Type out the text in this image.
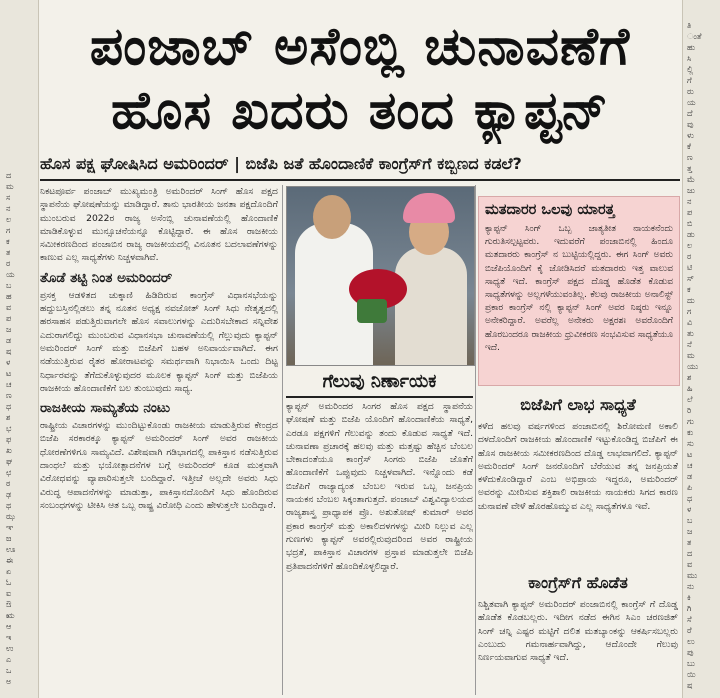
ದ
ಮ
ಸ
ನ
ಲ
ಗ
ಕ
ತ
ರ
ಯ
ಬ
ಹ
ವ
ಪ
ಜ
ಡ
ಷ
ಳ
ಟ
ಚ
ಣ
ಧ
ಶ
ಭ
ಫ
ಖ
ಘ
ಛ
ಠ
ಢ
ಥ
ಝ
ಞ
ಙ
ಊ
ಈ
ಏ
ಓ
ಐ
ಔ
ಋ
ಆ
ಇ
ಉ
ಎ
ಒ
ಅ
ತಿ
ಂತೆ
ಹು
ಸಿ
ಲ್ಲಿ
ಗೆ
ರು
ಯ
ದೆ
ವು
ಳು
ಕೆ
ಣ
ತ್ತ
ಮೆ
ಜು
ನ
ಪ
ಬಿ
ಡು
ಲ
ರ
ಟಿ
ಸ್
ಕ
ದು
ಗ
ವಿ
ತು
ನೆ
ಮ
ಯು
ಶ
ಹಿ
ಲೆ
ರಿ
ಗು
ಕು
ಸು
ಟ
ಚ
ಡ
ಪಿ
ಧ
ಳ
ಬ
ಜ
ತ
ದ
ವ
ಮು
ನು
ಕಿ
ಗಿ
ಸೆ
ರೆ
ಲು
ಪು
ಬು
ಯಿ
ಷ
ಪಂಜಾಬ್ ಅಸೆಂಬ್ಲಿ ಚುನಾವಣೆಗೆ
ಹೊಸ ಖದರು ತಂದ ಕ್ಯಾಪ್ಟನ್
ಹೊಸ ಪಕ್ಷ ಘೋಷಿಸಿದ ಅಮರಿಂದರ್ | ಬಿಜೆಪಿ ಜತೆ ಹೊಂದಾಣಿಕೆ ಕಾಂಗ್ರೆಸ್‌ಗೆ ಕಬ್ಬಿಣದ ಕಡಲೆ?

ನಿಕಟಪೂರ್ವ ಪಂಜಾಬ್ ಮುಖ್ಯಮಂತ್ರಿ ಅಮರಿಂದರ್ ಸಿಂಗ್ ಹೊಸ ಪಕ್ಷದ ಸ್ಥಾಪನೆಯ ಘೋಷಣೆಯನ್ನು ಮಾಡಿದ್ದಾರೆ. ತಾನು ಭಾರತೀಯ ಜನತಾ ಪಕ್ಷದೊಂದಿಗೆ ಮುಂಬರುವ 2022ರ ರಾಜ್ಯ ಅಸೆಂಬ್ಲಿ ಚುನಾವಣೆಯಲ್ಲಿ ಹೊಂದಾಣಿಕೆ ಮಾಡಿಕೊಳ್ಳುವ ಮುನ್ಸೂಚನೆಯನ್ನೂ ಕೊಟ್ಟಿದ್ದಾರೆ. ಈ ಹೊಸ ರಾಜಕೀಯ ಸಮೀಕರಣದಿಂದ ಪಂಜಾಬಿನ ರಾಜ್ಯ ರಾಜಕೀಯದಲ್ಲಿ ವಿನೂತನ ಬದಲಾವಣೆಗಳನ್ನು ಕಾಣುವ ಎಲ್ಲ ಸಾಧ್ಯತೆಗಳು ನಿಚ್ಚಳವಾಗಿವೆ.

ತೊಡೆ ತಟ್ಟಿ ನಿಂತ ಅಮರಿಂದರ್

ಪ್ರಸಕ್ತ ಆಡಳಿತದ ಚುಕ್ಕಾಣಿ ಹಿಡಿದಿರುವ ಕಾಂಗ್ರೆಸ್ ವಿಧಾನಸಭೆಯನ್ನು ಹದ್ದುಬಸ್ತಿನಲ್ಲಿಡಲು ತನ್ನ ನೂತನ ಅಧ್ಯಕ್ಷ ನವಜೋತ್ ಸಿಂಗ್ ಸಿಧು ನೇತೃತ್ವದಲ್ಲಿ ಹರಸಾಹಸ ಪಡುತ್ತಿರುವಾಗಲೇ ಹೊಸ ಸವಾಲುಗಳನ್ನು ಎದುರಿಸಬೇಕಾದ ಸನ್ನಿವೇಶ ಎದುರಾಗಲಿದ್ದು ಮುಂಬರುವ ವಿಧಾನಸಭಾ ಚುನಾವಣೆಯಲ್ಲಿ ಗೆಲ್ಲುವುದು ಕ್ಯಾಪ್ಟನ್ ಅಮರಿಂದರ್ ಸಿಂಗ್ ಮತ್ತು ಬಿಜೆಪಿಗೆ ಬಹಳ ಅನಿವಾರ್ಯವಾಗಿದೆ. ಈಗ ನಡೆಯುತ್ತಿರುವ ರೈತರ ಹೋರಾಟವನ್ನು ಸಮರ್ಥವಾಗಿ ನಿಭಾಯಿಸಿ ಒಂದು ದಿಟ್ಟ ನಿರ್ಧಾರವನ್ನು ತೆಗೆದುಕೊಳ್ಳುವುದರ ಮೂಲಕ ಕ್ಯಾಪ್ಟನ್ ಸಿಂಗ್ ಮತ್ತು ಬಿಜೆಪಿಯ ರಾಜಕೀಯ ಹೊಂದಾಣಿಕೆಗೆ ಬಲ ತುಂಬುವುದು ಸಾಧ್ಯ.

ರಾಜಕೀಯ ಸಾಮ್ಯತೆಯ ನಂಟು

ರಾಷ್ಟ್ರೀಯ ವಿಚಾರಗಳನ್ನು ಮುಂದಿಟ್ಟುಕೊಂಡು ರಾಜಕೀಯ ಮಾಡುತ್ತಿರುವ ಕೇಂದ್ರದ ಬಿಜೆಪಿ ಸರಕಾರಕ್ಕೂ ಕ್ಯಾಪ್ಟನ್ ಅಮರಿಂದರ್ ಸಿಂಗ್ ಅವರ ರಾಜಕೀಯ ಧೋರಣೆಗಳಿಗೂ ಸಾಮ್ಯವಿದೆ. ವಿಶೇಷವಾಗಿ ಗಡಿಭಾಗದಲ್ಲಿ ಪಾಕಿಸ್ತಾನ ನಡೆಸುತ್ತಿರುವ ದಾಂಧಲೆ ಮತ್ತು ಭಯೋತ್ಪಾದನೆಗಳ ಬಗ್ಗೆ ಅಮರಿಂದರ್ ಕೂಡ ಮುಕ್ತವಾಗಿ ವಿರೋಧವನ್ನು ವ್ಯಾಪಾರಿಸುತ್ತಲೇ ಬಂದಿದ್ದಾರೆ. ಇತ್ತೀಚೆ ಅಲ್ಲದೇ ಅವರು ಸಿಧು ವಿರುದ್ಧ ಆಪಾದನೆಗಳನ್ನು ಮಾಡುತ್ತಾ, ಪಾಕಿಸ್ತಾನದೊಂದಿಗೆ ಸಿಧು ಹೊಂದಿರುವ ಸಂಬಂಧಗಳನ್ನು ಟೀಕಿಸಿ ಆತ ಒಬ್ಬ ರಾಷ್ಟ್ರ ವಿರೋಧಿ ಎಂದು ಹೇಳುತ್ತಲೇ ಬಂದಿದ್ದಾರೆ.

ಗೆಲುವು ನಿರ್ಣಾಯಕ

ಕ್ಯಾಪ್ಟನ್ ಅಮರಿಂದರ ಸಿಂಗರ ಹೊಸ ಪಕ್ಷದ ಸ್ಥಾಪನೆಯ ಘೋಷಣೆ ಮತ್ತು ಬಿಜೆಪಿ ಯೊಂದಿಗೆ ಹೊಂದಾಣಿಕೆಯ ಸಾಧ್ಯತೆ, ಎರಡೂ ಪಕ್ಷಗಳಿಗೆ ಗೆಲುವನ್ನು ತಂದು ಕೊಡುವ ಸಾಧ್ಯತೆ ಇದೆ. ಚುನಾವಣಾ ಪ್ರಚಾರಕ್ಕೆ ಹಲವು ಮತ್ತು ಮತ್ತಷ್ಟು ಹೆಚ್ಚಿನ ಬೆಂಬಲ ಬೇಕಾದಂತೆಯೂ ಕಾಂಗ್ರೆಸ್ ಸಿಂಗರು ಬಿಜೆಪಿ ಜೊತೆಗೆ ಹೊಂದಾಣಿಕೆಗೆ ಒಪ್ಪುವುದು ನಿಚ್ಚಳವಾಗಿದೆ. ಇನ್ನೊಂದು ಕಡೆ ಬಿಜೆಪಿಗೆ ರಾಜ್ಯಾದ್ಯಂತ ಬೆಂಬಲ ಇರುವ ಒಬ್ಬ ಜನಪ್ರಿಯ ನಾಯಕನ ಬೆಂಬಲ ಸಿಕ್ಕಂತಾಗುತ್ತದೆ. ಪಂಜಾಬ್ ವಿಶ್ವವಿದ್ಯಾಲಯದ ರಾಜ್ಯಶಾಸ್ತ್ರ ಪ್ರಾಧ್ಯಾಪಕ ಪ್ರೊ. ಅಶುತೋಷ್ ಕುಮಾರ್ ಅವರ ಪ್ರಕಾರ ಕಾಂಗ್ರೆಸ್ ಮತ್ತು ಅಕಾಲಿದಳಗಳನ್ನು ಮೀರಿ ನಿಲ್ಲುವ ಎಲ್ಲ ಗುಣಗಳು ಕ್ಯಾಪ್ಟನ್ ಅವರಲ್ಲಿರುವುದರಿಂದ ಅವರ ರಾಷ್ಟ್ರೀಯ ಭದ್ರತೆ, ಪಾಕಿಸ್ತಾನ ವಿಚಾರಗಳ ಪ್ರಸ್ತಾಪ ಮಾಡುತ್ತಲೇ ಬಿಜೆಪಿ ಪ್ರತಿಪಾದನೆಗಳಿಗೆ ಹೊಂದಿಕೊಳ್ಳಲಿದ್ದಾರೆ.

ಮತದಾರರ ಒಲವು ಯಾರತ್ತ
ಕ್ಯಾಪ್ಟನ್ ಸಿಂಗ್ ಒಬ್ಬ ಜಾತ್ಯತೀತ ನಾಯಕನೆಂದು ಗುರುತಿಸಲ್ಪಟ್ಟವರು. ಇದುವರೆಗೆ ಪಂಜಾಬಿನಲ್ಲಿ ಹಿಂದೂ ಮತದಾರರು ಕಾಂಗ್ರೆಸ್ ನ ಬುಟ್ಟಿಯಲ್ಲಿದ್ದರು. ಈಗ ಸಿಂಗ್ ಅವರು ಬಿಜೆಪಿಯೊಂದಿಗೆ ಕೈ ಜೋಡಿಸಿದರೆ ಮತದಾರರು ಇತ್ತ ವಾಲುವ ಸಾಧ್ಯತೆ ಇದೆ. ಕಾಂಗ್ರೆಸ್ ಪಕ್ಷದ ದೊಡ್ಡ ಹೊಡೆತ ಕೊಡುವ ಸಾಧ್ಯತೆಗಳನ್ನು ಅಲ್ಲಗಳೆಯುವಂತಿಲ್ಲ. ಕೆಲವು ರಾಜಕೀಯ ಅನಾಲಿಸ್ಟ್ ಪ್ರಕಾರ ಕಾಂಗ್ರೆಸ್ ನಲ್ಲಿ ಕ್ಯಾಪ್ಟನ್ ಸಿಂಗ್ ಅವರ ನಿಷ್ಠರು ಇನ್ನೂ ಅನೇಕರಿದ್ದಾರೆ. ಅವರೆಲ್ಲ ಅನೇಕರು ಅಕ್ಷರಶಃ ಅವರೊಂದಿಗೆ ಹೊರಬಂದರೂ ರಾಜಕೀಯ ಧ್ರುವೀಕರಣ ಸಂಭವಿಸುವ ಸಾಧ್ಯತೆಯೂ ಇದೆ.
ಬಿಜೆಪಿಗೆ ಲಾಭ ಸಾಧ್ಯತೆ

ಕಳೆದ ಹಲವು ವರ್ಷಗಳಿಂದ ಪಂಜಾಬಿನಲ್ಲಿ ಶಿರೋಮಣಿ ಅಕಾಲಿ ದಳದೊಂದಿಗೆ ರಾಜಕೀಯ ಹೊಂದಾಣಿಕೆ ಇಟ್ಟುಕೊಂಡಿದ್ದ ಬಿಜೆಪಿಗೆ ಈ ಹೊಸ ರಾಜಕೀಯ ಸಮೀಕರಣದಿಂದ ದೊಡ್ಡ ಲಾಭವಾಗಲಿದೆ. ಕ್ಯಾಪ್ಟನ್ ಅಮರಿಂದರ್ ಸಿಂಗ್ ಜನರೊಂದಿಗೆ ಬೆರೆಯುವ ತನ್ನ ಜನಪ್ರಿಯತೆ ಕಳೆದುಕೊಂಡಿದ್ದಾರೆ ಎಂಬ ಅಭಿಪ್ರಾಯ ಇದ್ದರೂ, ಅಮರಿಂದರ್ ಅವರನ್ನು ಮೀರಿಸುವ ಶಕ್ತಿಶಾಲಿ ರಾಜಕೀಯ ನಾಯಕರು ಸಿಗದ ಕಾರಣ ಚುನಾವಣೆ ವೇಳೆ ಹೊರಹೊಮ್ಮುವ ಎಲ್ಲ ಸಾಧ್ಯತೆಗಳೂ ಇವೆ.

ಕಾಂಗ್ರೆಸ್‌ಗೆ ಹೊಡೆತ

ನಿಶ್ಚಿತವಾಗಿ ಕ್ಯಾಪ್ಟನ್ ಅಮರಿಂದರ್ ಪಂಜಾಬಿನಲ್ಲಿ ಕಾಂಗ್ರೆಸ್ ಗೆ ದೊಡ್ಡ ಹೊಡೆತ ಕೊಡಬಲ್ಲರು. ಇದೀಗ ನಡೆದ ಈಗಿನ ಸಿಎಂ ಚರಣಜಿತ್ ಸಿಂಗ್ ಚನ್ನಿ ಎಷ್ಟರ ಮಟ್ಟಿಗೆ ದಲಿತ ಮತಬ್ಯಾಂಕನ್ನು ಆಕರ್ಷಿಸಬಲ್ಲರು ಎಂಬುದು ಗಮನಾರ್ಹವಾಗಿದ್ದು, ಆದೊಂದೇ ಗೆಲುವು ನಿರ್ಣಯವಾಗುವ ಸಾಧ್ಯತೆ ಇದೆ.
